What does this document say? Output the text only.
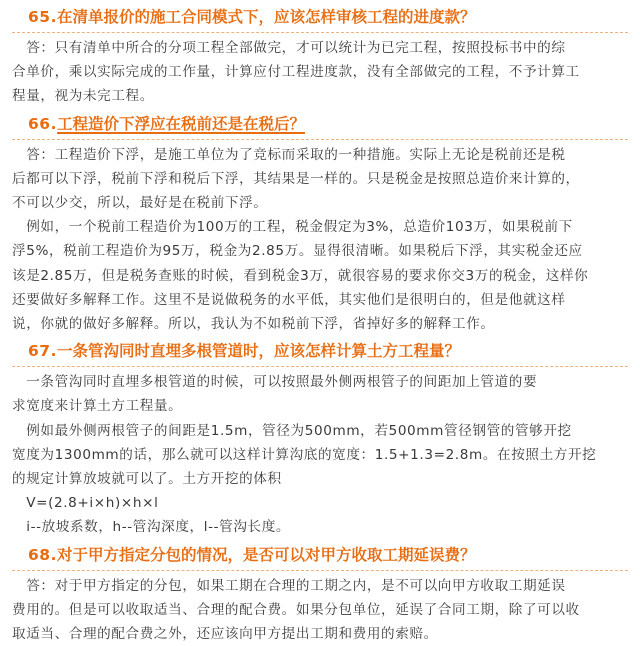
65.在清单报价的施工合同模式下，应该怎样审核工程的进度款？
　答：只有清单中所合的分项工程全部做完，才可以统计为已完工程，按照投标书中的综
合单价，乘以实际完成的工作量，计算应付工程进度款，没有全部做完的工程，不予计算工
程量，视为未完工程。
66.工程造价下浮应在税前还是在税后？
　答：工程造价下浮，是施工单位为了竞标而采取的一种措施。实际上无论是税前还是税
后都可以下浮，税前下浮和税后下浮，其结果是一样的。只是税金是按照总造价来计算的，
不可以少交，所以，最好是在税前下浮。
　例如，一个税前工程造价为100万的工程，税金假定为3%，总造价103万，如果税前下
浮5%，税前工程造价为95万，税金为2.85万。显得很清晰。如果税后下浮，其实税金还应
该是2.85万，但是税务查账的时候，看到税金3万，就很容易的要求你交3万的税金，这样你
还要做好多解释工作。这里不是说做税务的水平低，其实他们是很明白的，但是他就这样
说，你就的做好多解释。所以，我认为不如税前下浮，省掉好多的解释工作。
67.一条管沟同时直埋多根管道时，应该怎样计算土方工程量？
　一条管沟同时直埋多根管道的时候，可以按照最外侧两根管子的间距加上管道的要
求宽度来计算土方工程量。
　例如最外侧两根管子的间距是1.5m，管径为500mm，若500mm管径钢管的管够开挖
宽度为1300mm的话，那么就可以这样计算沟底的宽度：1.5+1.3=2.8m。在按照土方开挖
的规定计算放坡就可以了。土方开挖的体积
　V=(2.8+i×h)×h×l
　i--放坡系数，h--管沟深度，l--管沟长度。
68.对于甲方指定分包的情况，是否可以对甲方收取工期延误费？
　答：对于甲方指定的分包，如果工期在合理的工期之内，是不可以向甲方收取工期延误
费用的。但是可以收取适当、合理的配合费。如果分包单位，延误了合同工期，除了可以收
取适当、合理的配合费之外，还应该向甲方提出工期和费用的索赔。
